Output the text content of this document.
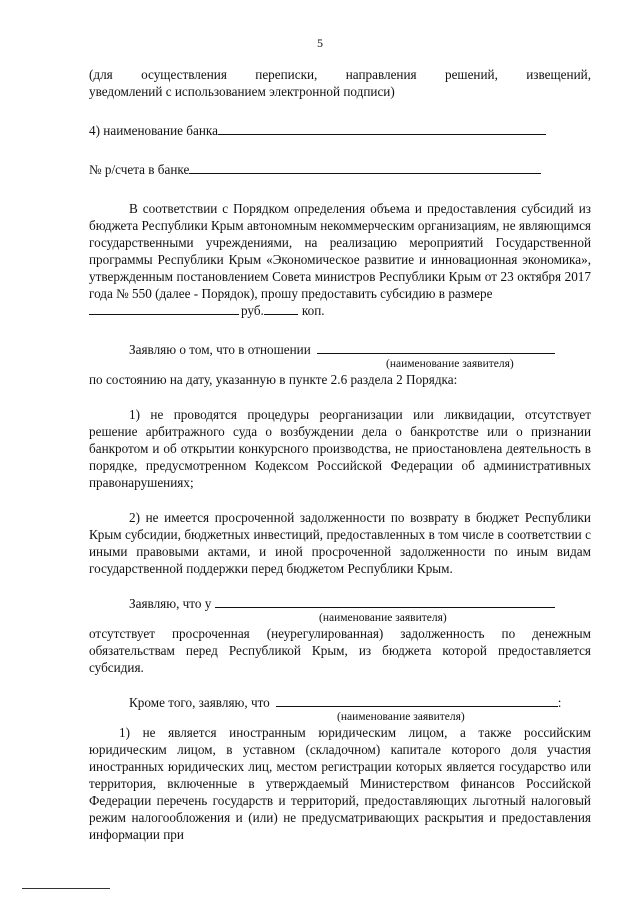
5

(для осуществления переписки, направления решений, извещений,

уведомлений с использованием электронной подписи)

4) наименование банка
№ р/счета в банке

В соответствии с Порядком определения объема и предоставления субсидий из бюджета Республики Крым автономным некоммерческим организациям, не являющимся государственными учреждениями, на реализацию мероприятий Государственной программы Республики Крым «Экономическое развитие и инновационная экономика», утвержденным постановлением Совета министров Республики Крым от 23 октября 2017 года № 550 (далее - Порядок), прошу предоставить субсидию в размере

руб.	коп.
Заявляю о том, что в отношении
(наименование заявителя)

по состоянию на дату, указанную в пункте 2.6 раздела 2 Порядка:

1) не проводятся процедуры реорганизации или ликвидации, отсутствует решение арбитражного суда о возбуждении дела о банкротстве или о признании банкротом и об открытии конкурсного производства, не приостановлена деятельность в порядке, предусмотренном Кодексом Российской Федерации об административных правонарушениях;

2) не имеется просроченной задолженности по возврату в бюджет Республики Крым субсидии, бюджетных инвестиций, предоставленных в том числе в соответствии с иными правовыми актами, и иной просроченной задолженности по иным видам государственной поддержки перед бюджетом Республики Крым.

Заявляю, что у
(наименование заявителя)

отсутствует просроченная (неурегулированная) задолженность по денежным обязательствам перед Республикой Крым, из бюджета которой предоставляется субсидия.

Кроме того, заявляю, что	:
(наименование заявителя)

1) не является иностранным юридическим лицом, а также российским юридическим лицом, в уставном (складочном) капитале которого доля участия иностранных юридических лиц, местом регистрации которых является государство или территория, включенные в утверждаемый Министерством финансов Российской Федерации перечень государств и территорий, предоставляющих льготный налоговый режим налогообложения и (или) не предусматривающих раскрытия и предоставления информации при
